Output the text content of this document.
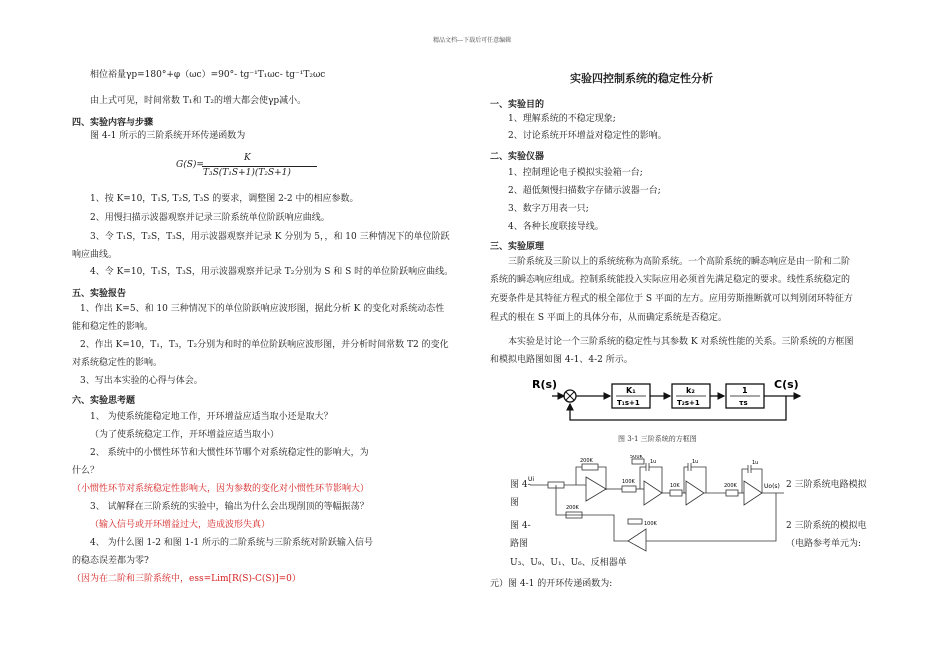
精品文档---下载后可任意编辑
相位裕量γp=180°+φ（ωc）=90°- tg⁻¹T₁ωc- tg⁻¹T₂ωc
由上式可见，时间常数 T₁和 T₂的增大都会使γp减小。
四、实验内容与步骤
图 4-1 所示的三阶系统开环传递函数为
G(S)=
K
T₃S(T₁S+1)(T₂S+1)
1、按 K=10，T₁S, T₂S, T₃S 的要求，调整图 2-2 中的相应参数。
2、用慢扫描示波器观察并记录三阶系统单位阶跃响应曲线。
3、令 T₁S，T₂S，T₃S，用示波器观察并记录 K 分别为 5，，和 10 三种情况下的单位阶跃
响应曲线。
4、令 K=10，T₁S，T₃S，用示波器观察并记录 T₂分别为 S 和 S 时的单位阶跃响应曲线。
五、实验报告
1、作出 K=5、和 10 三种情况下的单位阶跃响应波形图，据此分析 K 的变化对系统动态性
能和稳定性的影响。
2、作出 K=10，T₁，T₃，T₂分别为和时的单位阶跃响应波形图，并分析时间常数 T2 的变化
对系统稳定性的影响。
3、写出本实验的心得与体会。
六、实验思考题
1、 为使系统能稳定地工作，开环增益应适当取小还是取大？
（为了使系统稳定工作，开环增益应适当取小）
2、 系统中的小惯性环节和大惯性环节哪个对系统稳定性的影响大，为
什么？
（小惯性环节对系统稳定性影响大，因为参数的变化对小惯性环节影响大）
3、 试解释在三阶系统的实验中，输出为什么会出现削顶的等幅振荡？
（输入信号或开环增益过大，造成波形失真）
4、 为什么图 1-2 和图 1-1 所示的二阶系统与三阶系统对阶跃输入信号
的稳态误差都为零?
（因为在二阶和三阶系统中，ess=Lim[R(S)-C(S)]=0）
实验四控制系统的稳定性分析
一、实验目的
1、理解系统的不稳定现象;
2、讨论系统开环增益对稳定性的影响。
二、实验仪器
1、控制理论电子模拟实验箱一台;
2、超低频慢扫描数字存储示波器一台;
3、数字万用表一只;
4、各种长度联接导线。
三、实验原理
三阶系统及三阶以上的系统统称为高阶系统。一个高阶系统的瞬态响应是由一阶和二阶
系统的瞬态响应组成。控制系统能投入实际应用必须首先满足稳定的要求。线性系统稳定的
充要条件是其特征方程式的根全部位于 S 平面的左方。应用劳斯推断就可以判别闭环特征方
程式的根在 S 平面上的具体分布，从而确定系统是否稳定。
本实验是讨论一个三阶系统的稳定性与其参数 K 对系统性能的关系。三阶系统的方框图
和模拟电路图如图 4-1、4-2 所示。
R(s)	K₁
T₁s+1
k₂
T₂s+1
1
τs
C(s)
图 3-1 三阶系统的方框图
200K
100K
500K
10K	200K
200K
100K
Ui
Uo(s)
1u	1u	1u
图 4-
图
图 4-
路图
2 三阶系统电路模拟
2 三阶系统的模拟电
（电路参考单元为:
U₃、U₉、U₁、U₆、反相器单
元）图 4-1 的开环传递函数为:
